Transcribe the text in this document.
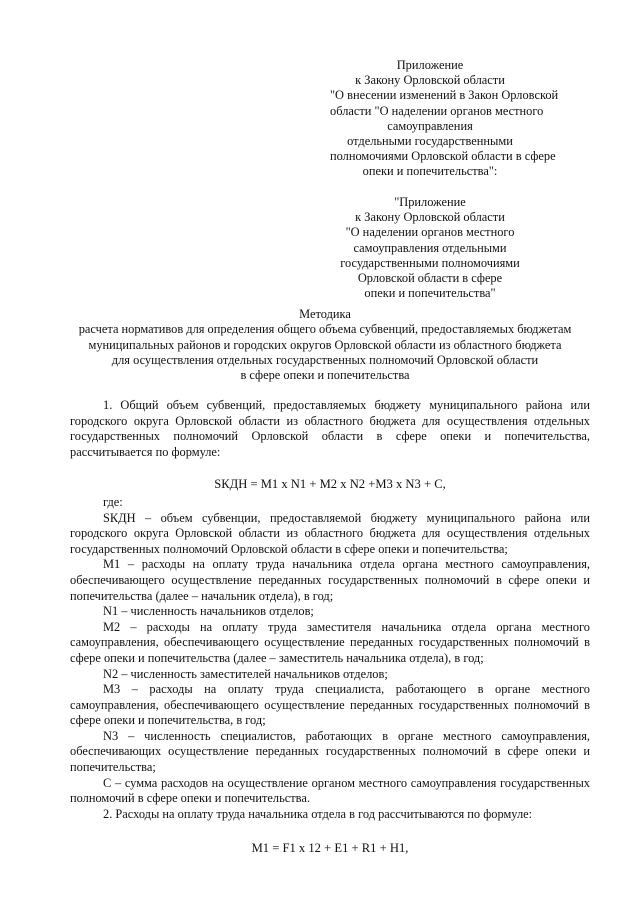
Приложение
к Закону Орловской области
"О внесении изменений в Закон Орловской
области "О наделении органов местного
самоуправления
отдельными государственными
полномочиями Орловской области в сфере
опеки и попечительства":
"Приложение
к Закону Орловской области
"О наделении органов местного
самоуправления отдельными
государственными полномочиями
Орловской области в сфере
опеки и попечительства"
Методика
расчета нормативов для определения общего объема субвенций, предоставляемых бюджетам
муниципальных районов и городских округов Орловской области из областного бюджета
для осуществления отдельных государственных полномочий Орловской области
в сфере опеки и попечительства

1. Общий объем субвенций, предоставляемых бюджету муниципального района или городского округа Орловской области из областного бюджета для осуществления отдельных государственных полномочий Орловской области в сфере опеки и попечительства, рассчитывается по формуле:

SКДН = M1 x N1 + M2 x N2 +M3 x N3 + C,

где:

SКДН – объем субвенции, предоставляемой бюджету муниципального района или городского округа Орловской области из областного бюджета для осуществления отдельных государственных полномочий Орловской области в сфере опеки и попечительства;

M1 – расходы на оплату труда начальника отдела органа местного самоуправления, обеспечивающего осуществление переданных государственных полномочий в сфере опеки и попечительства (далее – начальник отдела), в год;

N1 – численность начальников отделов;

M2 – расходы на оплату труда заместителя начальника отдела органа местного самоуправления, обеспечивающего осуществление переданных государственных полномочий в сфере опеки и попечительства (далее – заместитель начальника отдела), в год;

N2 – численность заместителей начальников отделов;

M3 – расходы на оплату труда специалиста, работающего в органе местного самоуправления, обеспечивающего осуществление переданных государственных полномочий в сфере опеки и попечительства, в год;

N3 – численность специалистов, работающих в органе местного самоуправления, обеспечивающих осуществление переданных государственных полномочий в сфере опеки и попечительства;

C – сумма расходов на осуществление органом местного самоуправления государственных полномочий в сфере опеки и попечительства.

2. Расходы на оплату труда начальника отдела в год рассчитываются по формуле:

M1 = F1 x 12 + E1 + R1 + H1,
